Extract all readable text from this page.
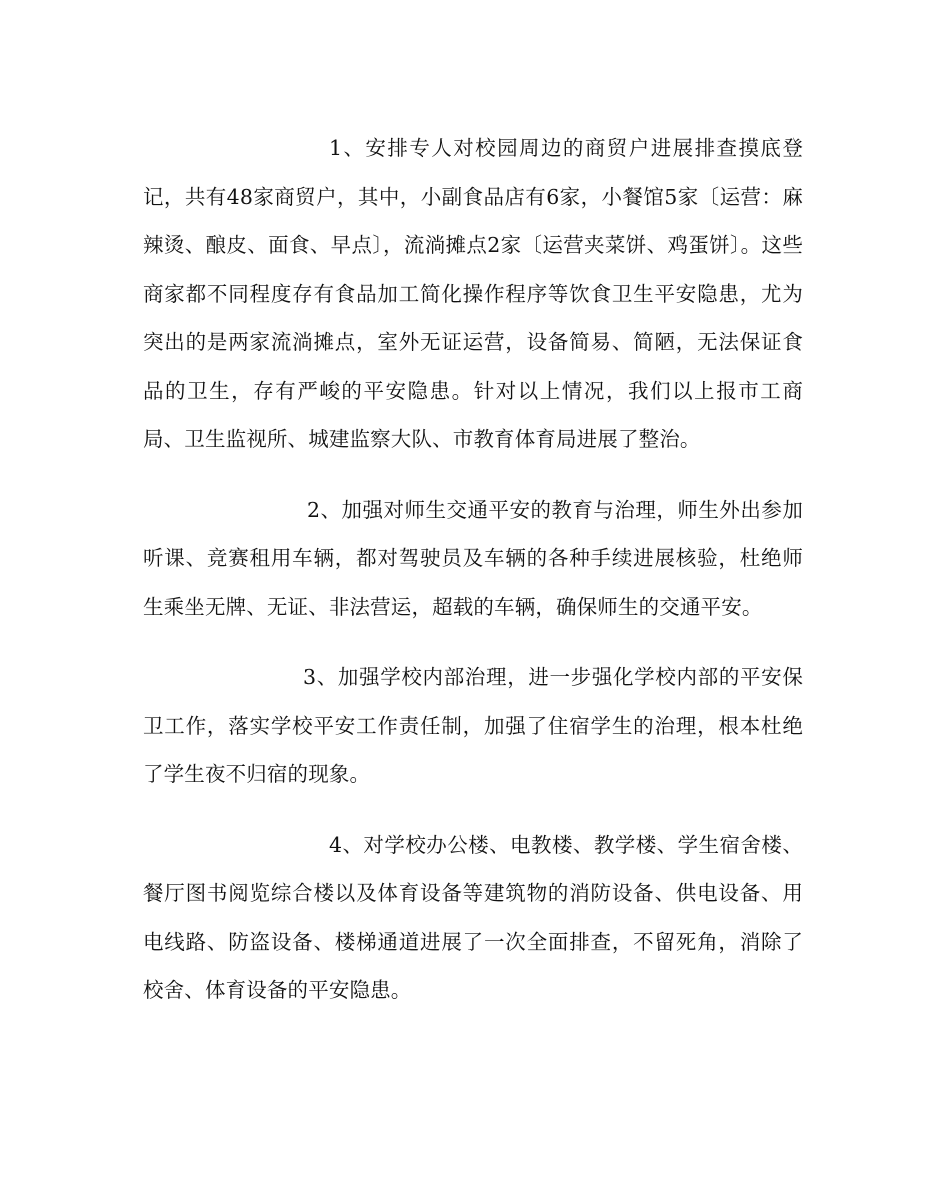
1、安排专人对校园周边的商贸户进展排查摸底登记，共有48家商贸户，其中，小副食品店有6家，小餐馆5家〔运营：麻辣烫、酿皮、面食、早点〕，流淌摊点2家〔运营夹菜饼、鸡蛋饼〕。这些商家都不同程度存有食品加工简化操作程序等饮食卫生平安隐患，尤为突出的是两家流淌摊点，室外无证运营，设备简易、简陋，无法保证食品的卫生，存有严峻的平安隐患。针对以上情况，我们以上报市工商局、卫生监视所、城建监察大队、市教育体育局进展了整治。

2、加强对师生交通平安的教育与治理，师生外出参加听课、竞赛租用车辆，都对驾驶员及车辆的各种手续进展核验，杜绝师生乘坐无牌、无证、非法营运，超载的车辆，确保师生的交通平安。

3、加强学校内部治理，进一步强化学校内部的平安保卫工作，落实学校平安工作责任制，加强了住宿学生的治理，根本杜绝了学生夜不归宿的现象。

4、对学校办公楼、电教楼、教学楼、学生宿舍楼、餐厅图书阅览综合楼以及体育设备等建筑物的消防设备、供电设备、用电线路、防盗设备、楼梯通道进展了一次全面排查，不留死角，消除了校舍、体育设备的平安隐患。
